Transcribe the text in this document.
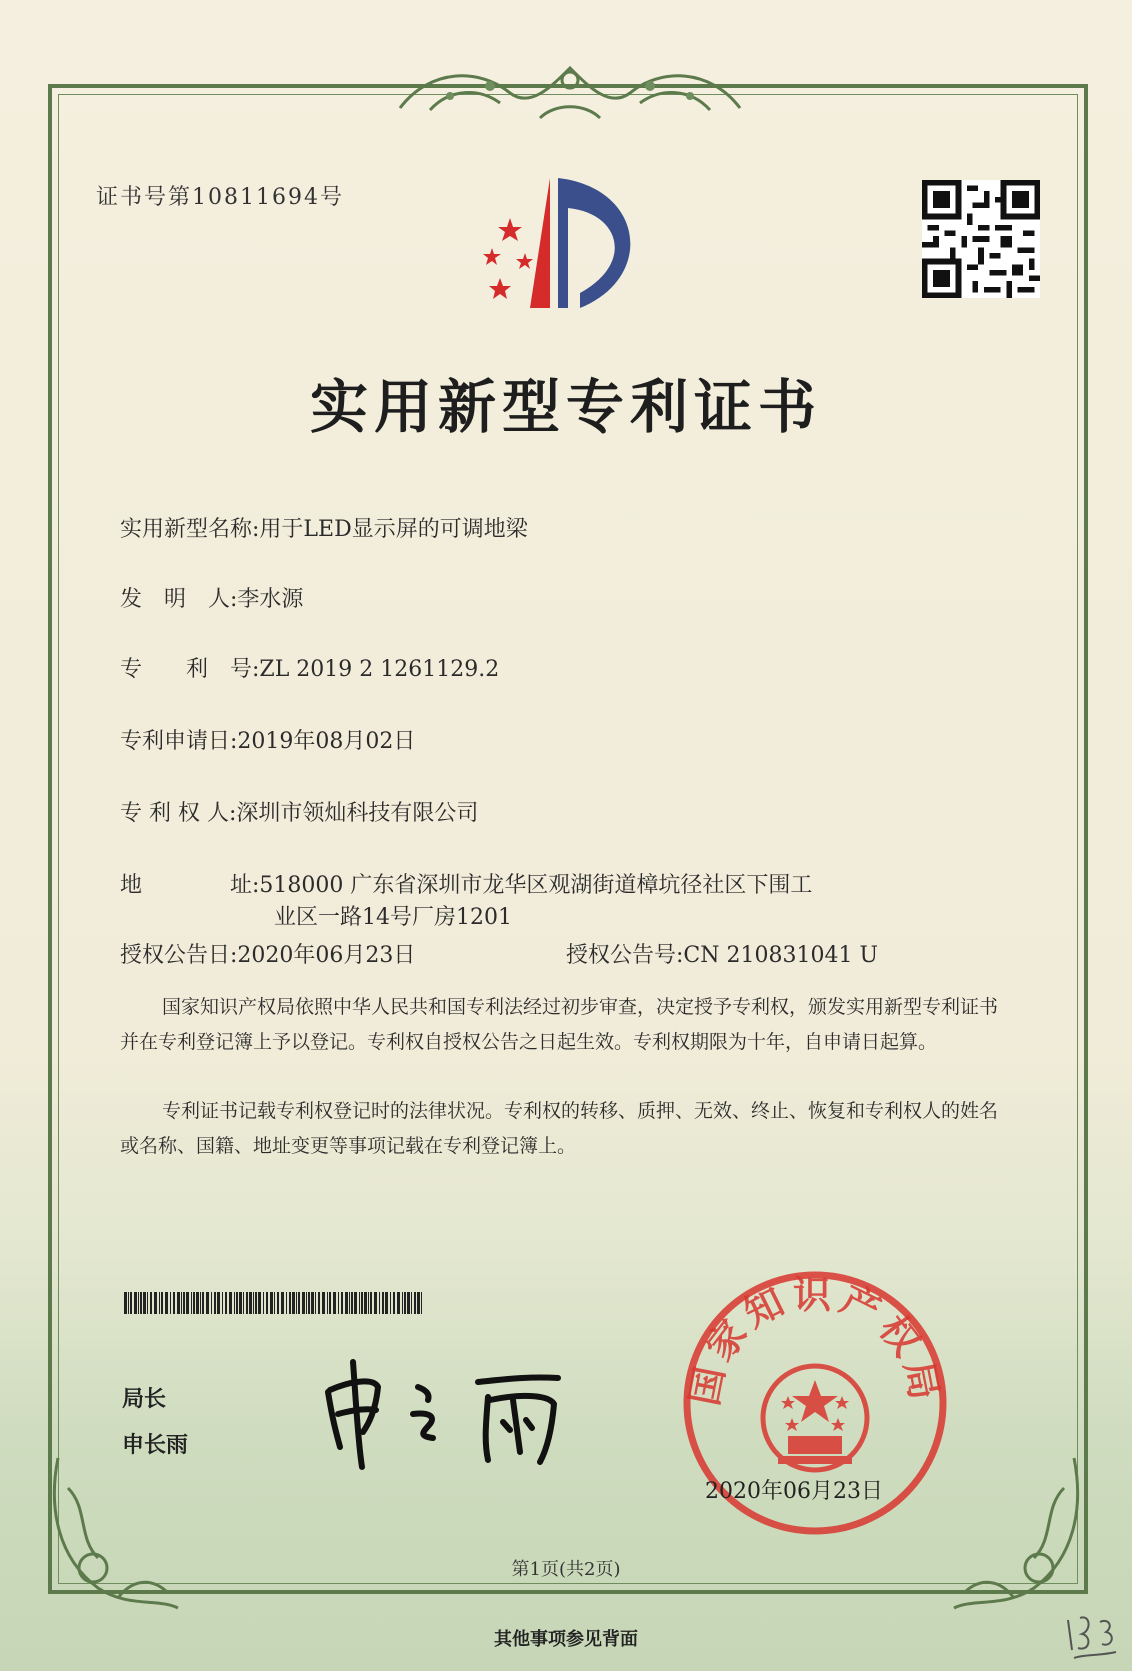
证书号第10811694号
实用新型专利证书
实用新型名称:用于LED显示屏的可调地梁
发　明　人:李水源
专　　利　号:ZL 2019 2 1261129.2
专利申请日:2019年08月02日
专 利 权 人:深圳市领灿科技有限公司
地　　　　址:518000 广东省深圳市龙华区观湖街道樟坑径社区下围工
业区一路14号厂房1201
授权公告日:2020年06月23日	授权公告号:CN 210831041 U
国家知识产权局依照中华人民共和国专利法经过初步审查，决定授予专利权，颁发实用新型专利证书并在专利登记簿上予以登记。专利权自授权公告之日起生效。专利权期限为十年，自申请日起算。
专利证书记载专利权登记时的法律状况。专利权的转移、质押、无效、终止、恢复和专利权人的姓名或名称、国籍、地址变更等事项记载在专利登记簿上。
局长
申长雨
国家知识产权局
2020年06月23日
第1页(共2页)
其他事项参见背面
